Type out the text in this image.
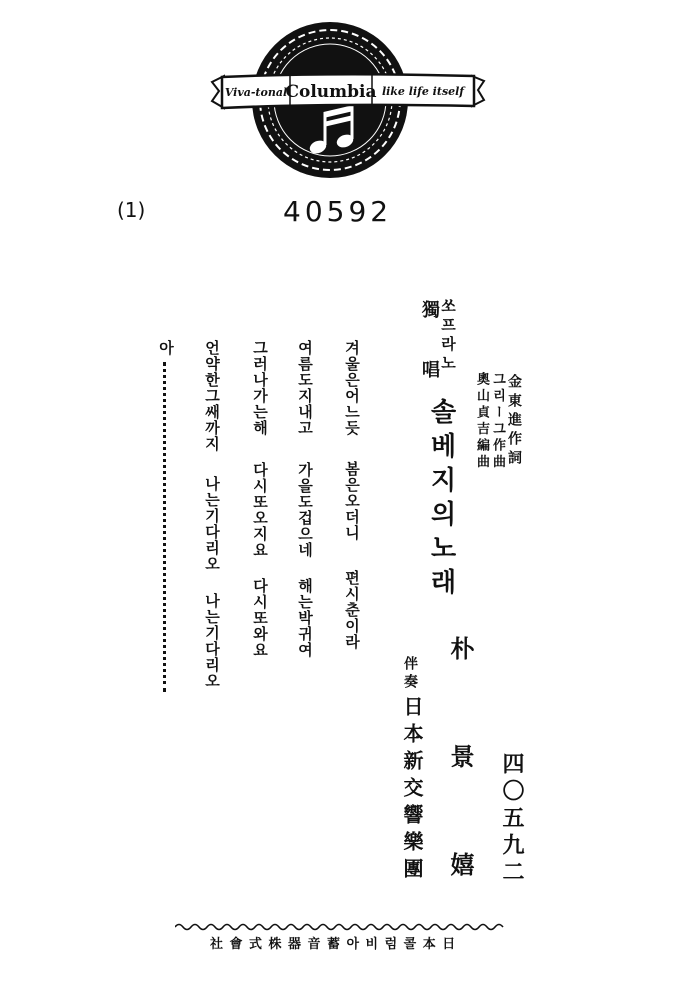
Viva-tonal
Columbia like life itself
(1)	40592
金東進作詞
그리ー그作曲
奧山貞吉編曲
쏘프라노
獨唱
솔베지의노래
朴景嬉
伴奏
日本新交響樂團	四〇五九二
겨울은어느듯
봄은오더니
편시춘이라
여름도지내고
가을도겁으네
해는박귀여
그러나가는해
다시또오지요
다시또와요
언약한그쌔까지
나는기다리오
나는기다리오
아
社會式株器音蓄아비럼콜本日
